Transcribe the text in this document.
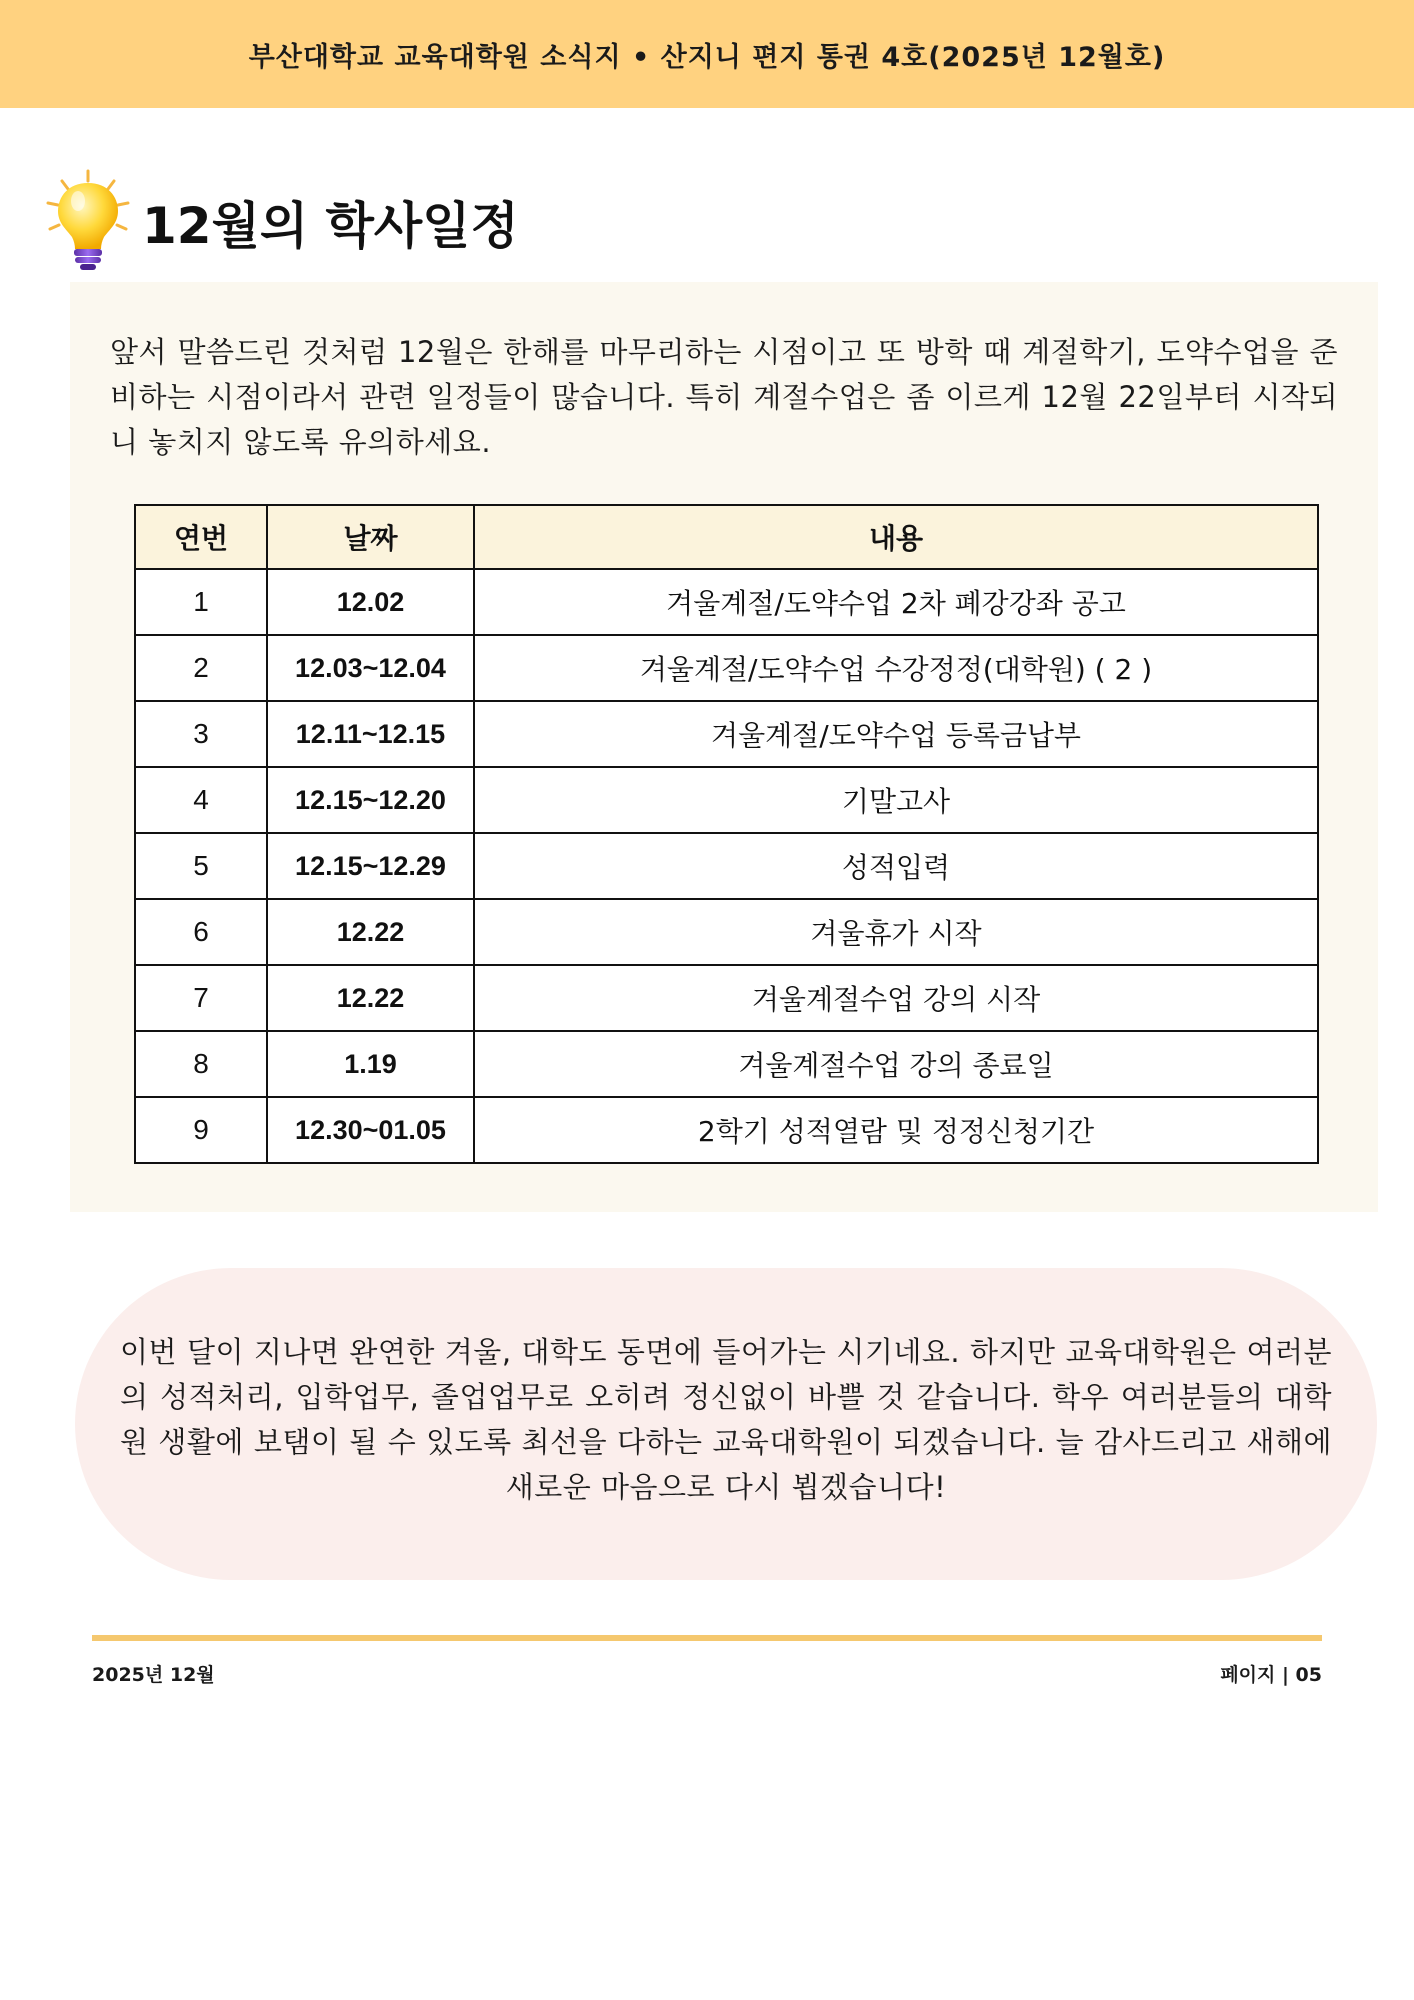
부산대학교 교육대학원 소식지 • 산지니 편지 통권 4호(2025년 12월호)
12월의 학사일정

앞서 말씀드린 것처럼 12월은 한해를 마무리하는 시점이고 또 방학 때 계절학기, 도약수업을 준비하는 시점이라서 관련 일정들이 많습니다. 특히 계절수업은 좀 이르게 12월 22일부터 시작되니 놓치지 않도록 유의하세요.

연번	날짜	내용
1	12.02	겨울계절/도약수업 2차 폐강강좌 공고
2	12.03~12.04	겨울계절/도약수업 수강정정(대학원) ( 2 )
3	12.11~12.15	겨울계절/도약수업 등록금납부
4	12.15~12.20	기말고사
5	12.15~12.29	성적입력
6	12.22	겨울휴가 시작
7	12.22	겨울계절수업 강의 시작
8	1.19	겨울계절수업 강의 종료일
9	12.30~01.05	2학기 성적열람 및 정정신청기간

이번 달이 지나면 완연한 겨울, 대학도 동면에 들어가는 시기네요. 하지만 교육대학원은 여러분의 성적처리, 입학업무, 졸업업무로 오히려 정신없이 바쁠 것 같습니다. 학우 여러분들의 대학원 생활에 보탬이 될 수 있도록 최선을 다하는 교육대학원이 되겠습니다. 늘 감사드리고 새해에 새로운 마음으로 다시 뵙겠습니다!

2025년 12월	페이지 | 05
